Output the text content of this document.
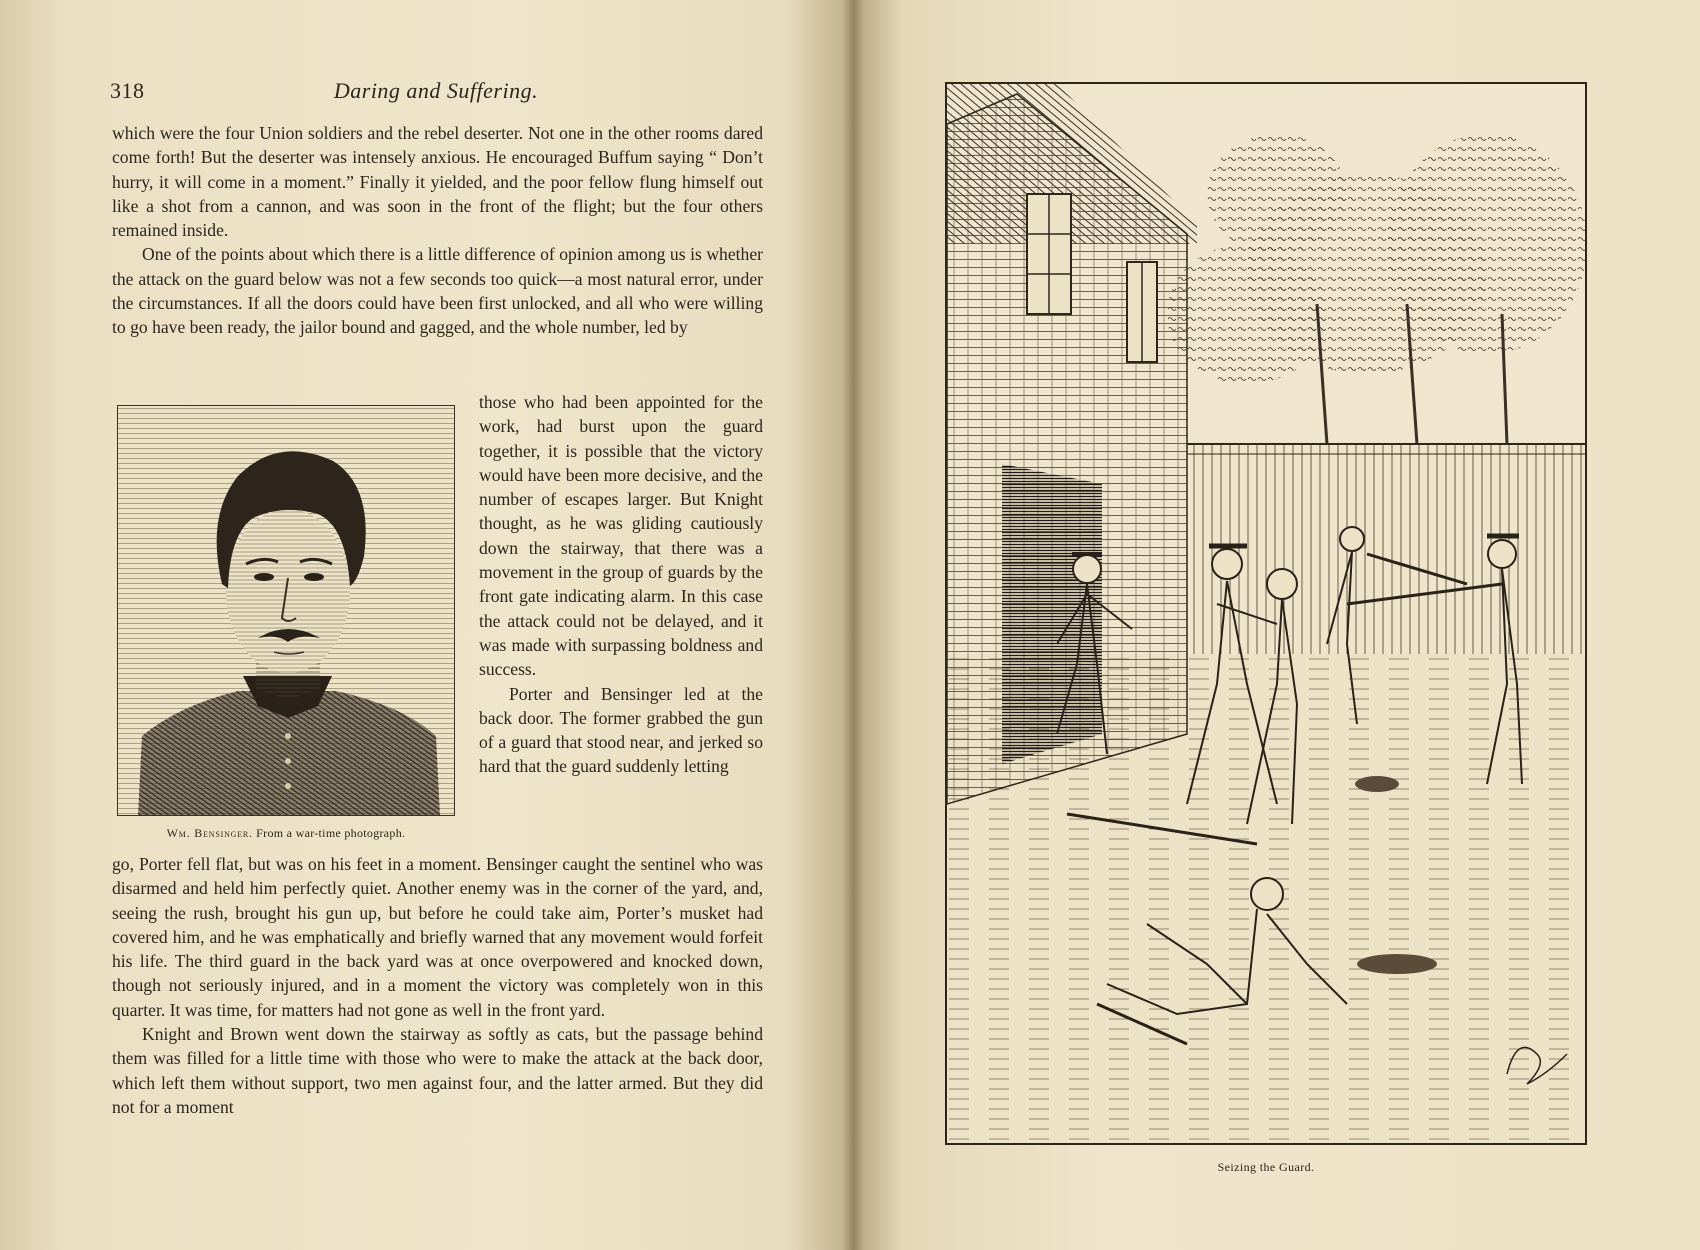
318	Daring and Suffering.

which were the four Union soldiers and the rebel deserter. Not one in the other rooms dared come forth! But the deserter was intensely anxious. He encouraged Buffum saying “ Don’t hurry, it will come in a moment.” Finally it yielded, and the poor fellow flung himself out like a shot from a cannon, and was soon in the front of the flight; but the four others remained inside.

One of the points about which there is a little difference of opinion among us is whether the attack on the guard below was not a few seconds too quick—a most natural error, under the circumstances. If all the doors could have been first unlocked, and all who were willing to go have been ready, the jailor bound and gagged, and the whole number, led by

Wm. Bensinger. From a war-time photograph.

those who had been appointed for the work, had burst upon the guard together, it is possible that the victory would have been more decisive, and the number of escapes larger. But Knight thought, as he was gliding cautiously down the stairway, that there was a movement in the group of guards by the front gate indicating alarm. In this case the attack could not be delayed, and it was made with surpassing boldness and success.

Porter and Bensinger led at the back door. The former grabbed the gun of a guard that stood near, and jerked so hard that the guard suddenly letting

go, Porter fell flat, but was on his feet in a moment. Bensinger caught the sentinel who was disarmed and held him perfectly quiet. Another enemy was in the corner of the yard, and, seeing the rush, brought his gun up, but before he could take aim, Porter’s musket had covered him, and he was emphatically and briefly warned that any movement would forfeit his life. The third guard in the back yard was at once overpowered and knocked down, though not seriously injured, and in a moment the victory was completely won in this quarter. It was time, for matters had not gone as well in the front yard.

Knight and Brown went down the stairway as softly as cats, but the passage behind them was filled for a little time with those who were to make the attack at the back door, which left them without support, two men against four, and the latter armed. But they did not for a moment

Seizing the Guard.
